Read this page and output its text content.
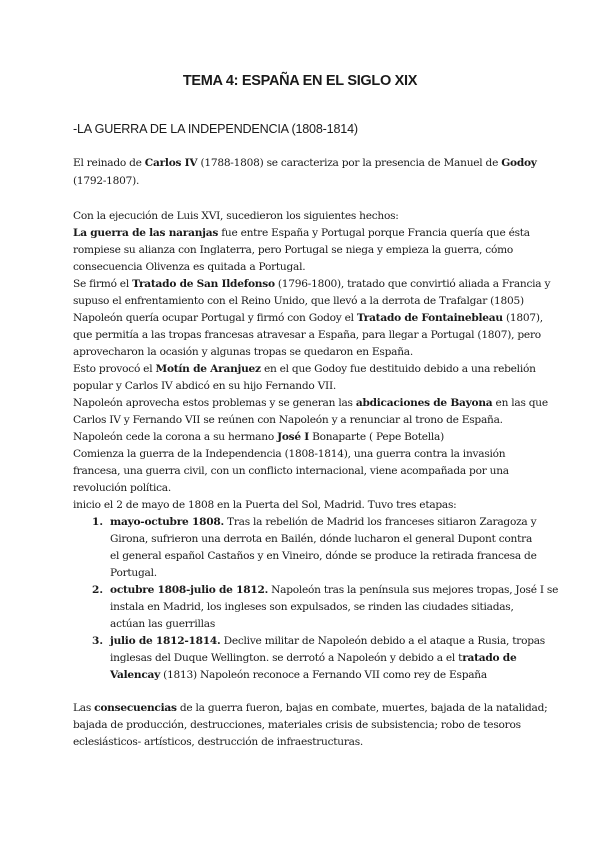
TEMA 4: ESPAÑA EN EL SIGLO XIX
-LA GUERRA DE LA INDEPENDENCIA (1808-1814)
El reinado de Carlos IV (1788-1808) se caracteriza por la presencia de Manuel de Godoy
(1792-1807).
Con la ejecución de Luis XVI, sucedieron los siguientes hechos:
La guerra de las naranjas fue entre España y Portugal porque Francia quería que ésta
rompiese su alianza con Inglaterra, pero Portugal se niega y empieza la guerra, cómo
consecuencia Olivenza es quitada a Portugal.
Se firmó el Tratado de San Ildefonso (1796-1800), tratado que convirtió aliada a Francia y
supuso el enfrentamiento con el Reino Unido, que llevó a la derrota de Trafalgar (1805)
Napoleón quería ocupar Portugal y firmó con Godoy el Tratado de Fontainebleau (1807),
que permitía a las tropas francesas atravesar a España, para llegar a Portugal (1807), pero
aprovecharon la ocasión y algunas tropas se quedaron en España.
Esto provocó el Motín de Aranjuez en el que Godoy fue destituido debido a una rebelión
popular y Carlos IV abdicó en su hijo Fernando VII.
Napoleón aprovecha estos problemas y se generan las abdicaciones de Bayona en las que
Carlos IV y Fernando VII se reúnen con Napoleón y a renunciar al trono de España.
Napoleón cede la corona a su hermano José I Bonaparte ( Pepe Botella)
Comienza la guerra de la Independencia (1808-1814), una guerra contra la invasión
francesa, una guerra civil, con un conflicto internacional, viene acompañada por una
revolución política.
inicio el 2 de mayo de 1808 en la Puerta del Sol, Madrid. Tuvo tres etapas:
1. mayo-octubre 1808. Tras la rebelión de Madrid los franceses sitiaron Zaragoza y
Girona, sufrieron una derrota en Bailén, dónde lucharon el general Dupont contra
el general español Castaños y en Vineiro, dónde se produce la retirada francesa de
Portugal.
2. octubre 1808-julio de 1812. Napoleón tras la península sus mejores tropas, José I se
instala en Madrid, los ingleses son expulsados, se rinden las ciudades sitiadas,
actúan las guerrillas
3. julio de 1812-1814. Declive militar de Napoleón debido a el ataque a Rusia, tropas
inglesas del Duque Wellington. se derrotó a Napoleón y debido a el tratado de
Valencay (1813) Napoleón reconoce a Fernando VII como rey de España
Las consecuencias de la guerra fueron, bajas en combate, muertes, bajada de la natalidad;
bajada de producción, destrucciones, materiales crisis de subsistencia; robo de tesoros
eclesiásticos- artísticos, destrucción de infraestructuras.
